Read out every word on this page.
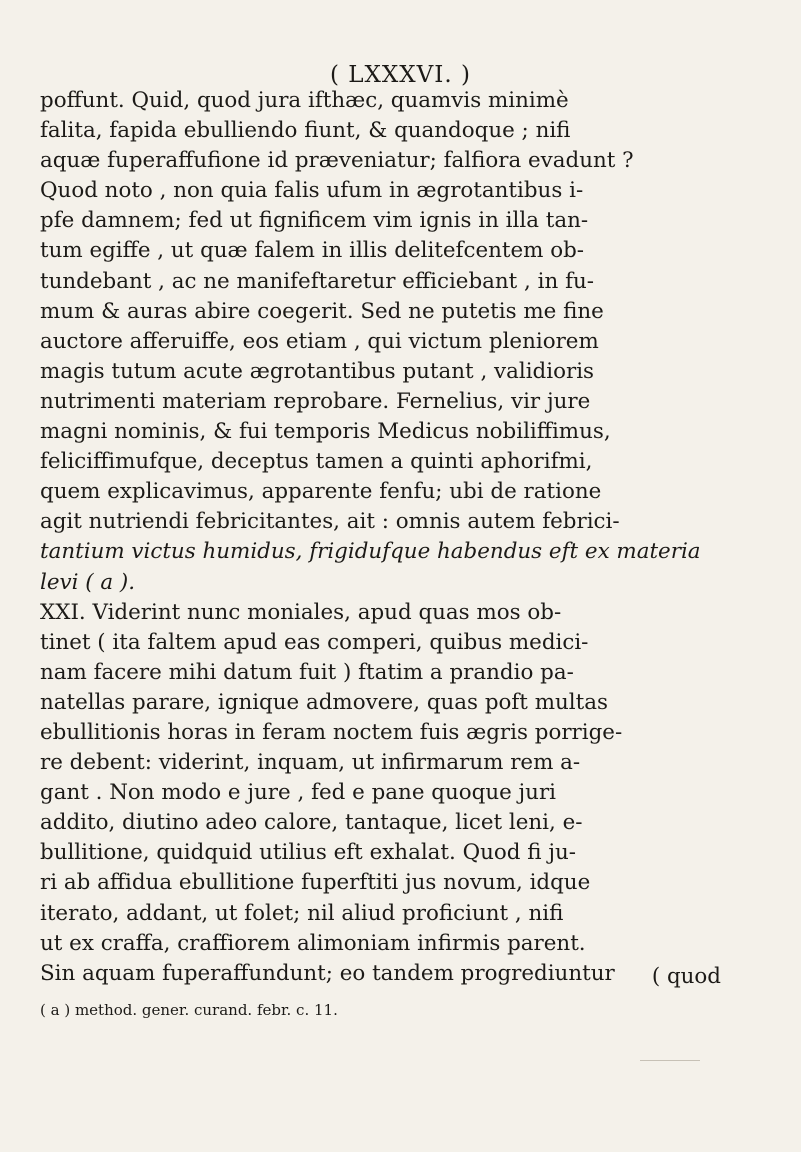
( LXXXVI. )
poffunt. Quid, quod jura ifthæc, quamvis minimè
falita, fapida ebulliendo fiunt, & quandoque ; nifi
aquæ fuperaffufione id præveniatur; falfiora evadunt ?
Quod noto , non quia falis ufum in ægrotantibus i-
pfe damnem; fed ut fignificem vim ignis in illa tan-
tum egiffe , ut quæ falem in illis delitefcentem ob-
tundebant , ac ne manifeftaretur efficiebant , in fu-
mum & auras abire coegerit. Sed ne putetis me fine
auctore afferuiffe, eos etiam , qui victum pleniorem
magis tutum acute ægrotantibus putant , validioris
nutrimenti materiam reprobare. Fernelius, vir jure
magni nominis, & fui temporis Medicus nobiliffimus,
feliciffimufque, deceptus tamen a quinti aphorifmi,
quem explicavimus, apparente fenfu; ubi de ratione
agit nutriendi febricitantes, ait : omnis autem febrici-
tantium victus humidus, frigidufque habendus eft ex materia
levi ( a ).
XXI. Viderint nunc moniales, apud quas mos ob-
tinet ( ita faltem apud eas comperi, quibus medici-
nam facere mihi datum fuit ) ftatim a prandio pa-
natellas parare, ignique admovere, quas poft multas
ebullitionis horas in feram noctem fuis ægris porrige-
re debent: viderint, inquam, ut infirmarum rem a-
gant . Non modo e jure , fed e pane quoque juri
addito, diutino adeo calore, tantaque, licet leni, e-
bullitione, quidquid utilius eft exhalat. Quod fi ju-
ri ab affidua ebullitione fuperftiti jus novum, idque
iterato, addant, ut folet; nil aliud proficiunt , nifi
ut ex craffa, craffiorem alimoniam infirmis parent.
Sin aquam fuperaffundunt; eo tandem progrediuntur	( quod
( a ) method. gener. curand. febr. c. 11.
